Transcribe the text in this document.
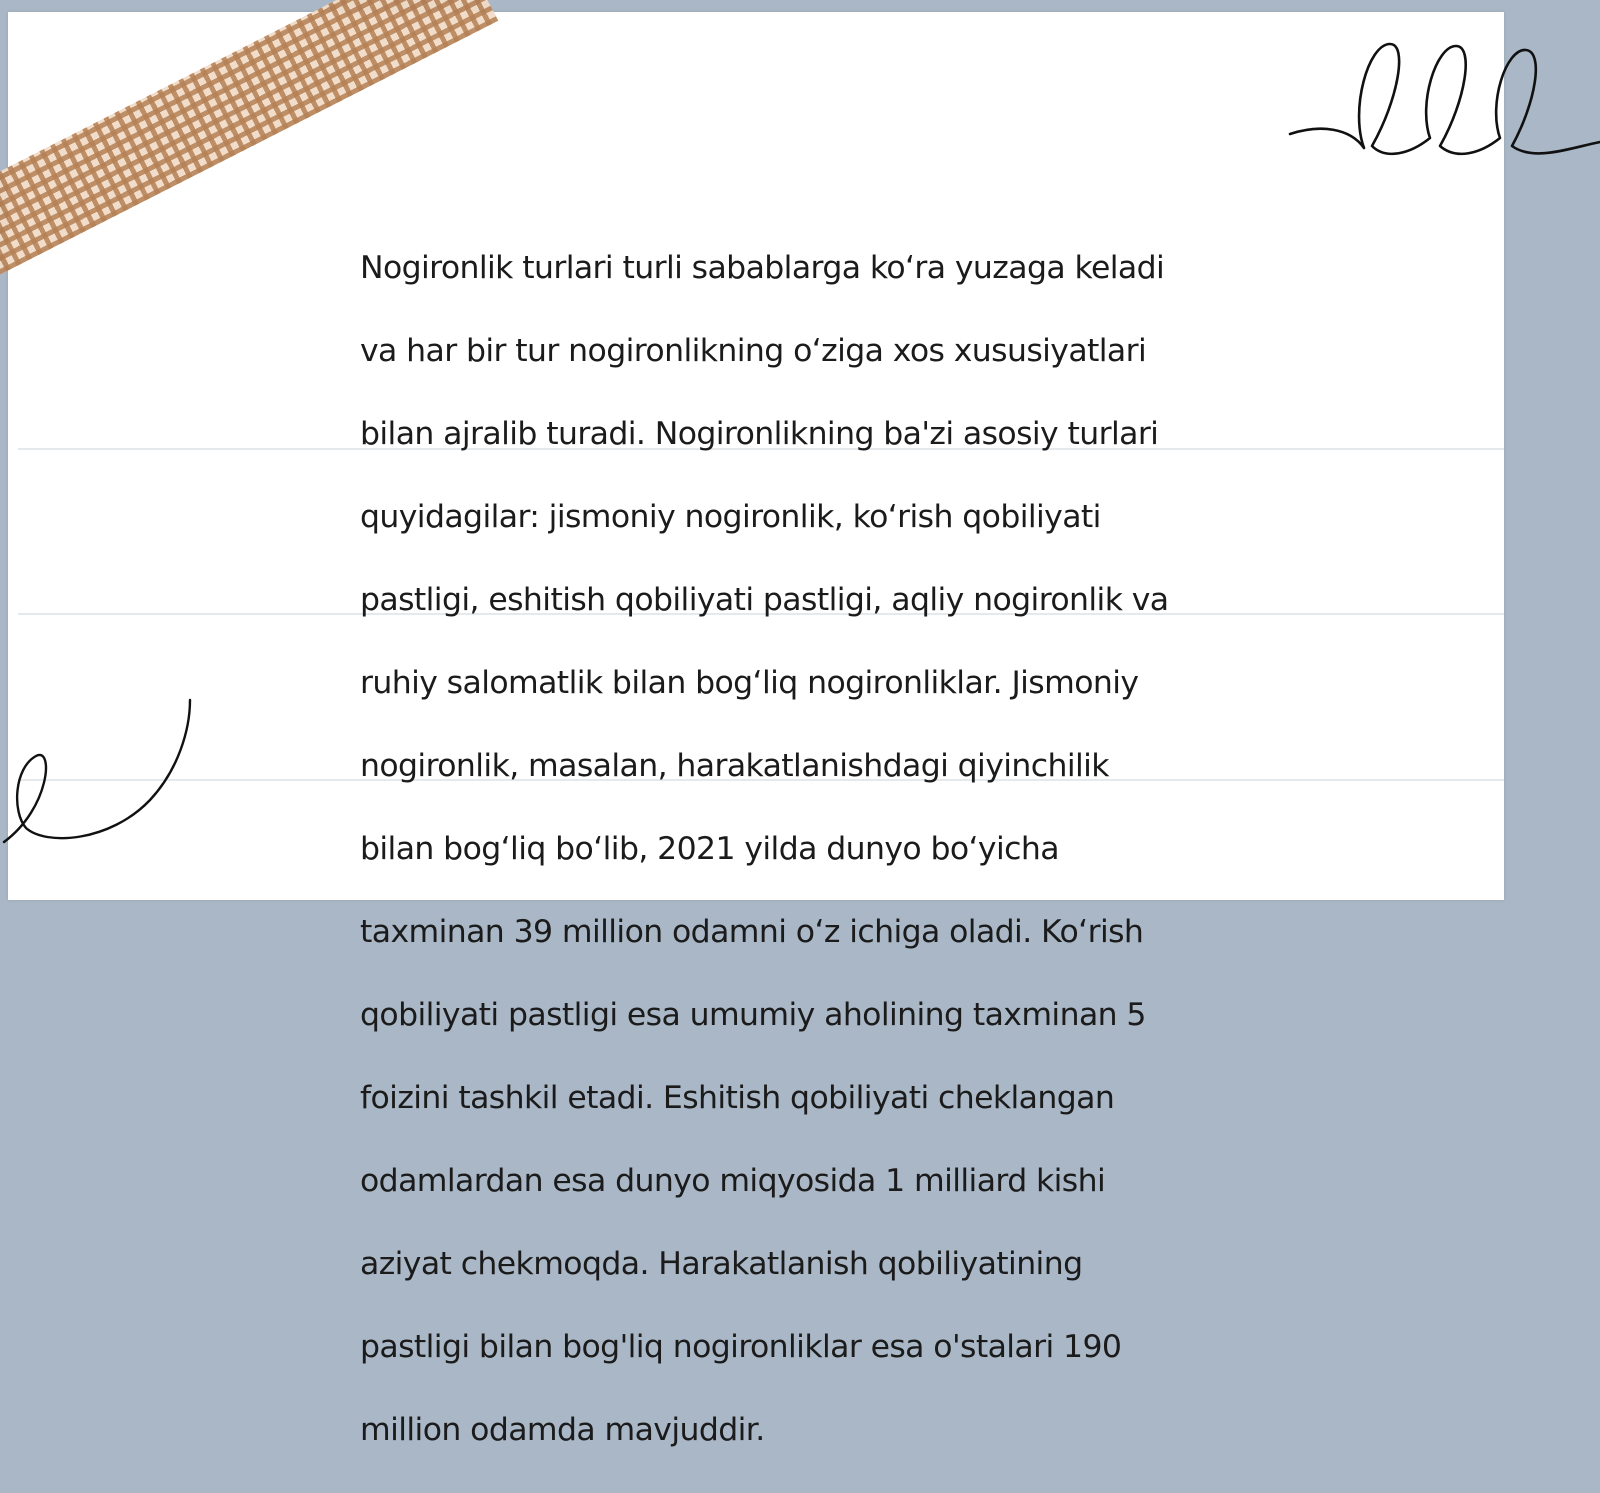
Nogironlik turlari turli sabablarga ko‘ra yuzaga keladi

va har bir tur nogironlikning o‘ziga xos xususiyatlari

bilan ajralib turadi. Nogironlikning ba'zi asosiy turlari

quyidagilar: jismoniy nogironlik, ko‘rish qobiliyati

pastligi, eshitish qobiliyati pastligi, aqliy nogironlik va

ruhiy salomatlik bilan bog‘liq nogironliklar. Jismoniy

nogironlik, masalan, harakatlanishdagi qiyinchilik

bilan bog‘liq bo‘lib, 2021 yilda dunyo bo‘yicha

taxminan 39 million odamni o‘z ichiga oladi. Ko‘rish

qobiliyati pastligi esa umumiy aholining taxminan 5

foizini tashkil etadi. Eshitish qobiliyati cheklangan

odamlardan esa dunyo miqyosida 1 milliard kishi

aziyat chekmoqda. Harakatlanish qobiliyatining

pastligi bilan bog'liq nogironliklar esa o'stalari 190

million odamda mavjuddir.
